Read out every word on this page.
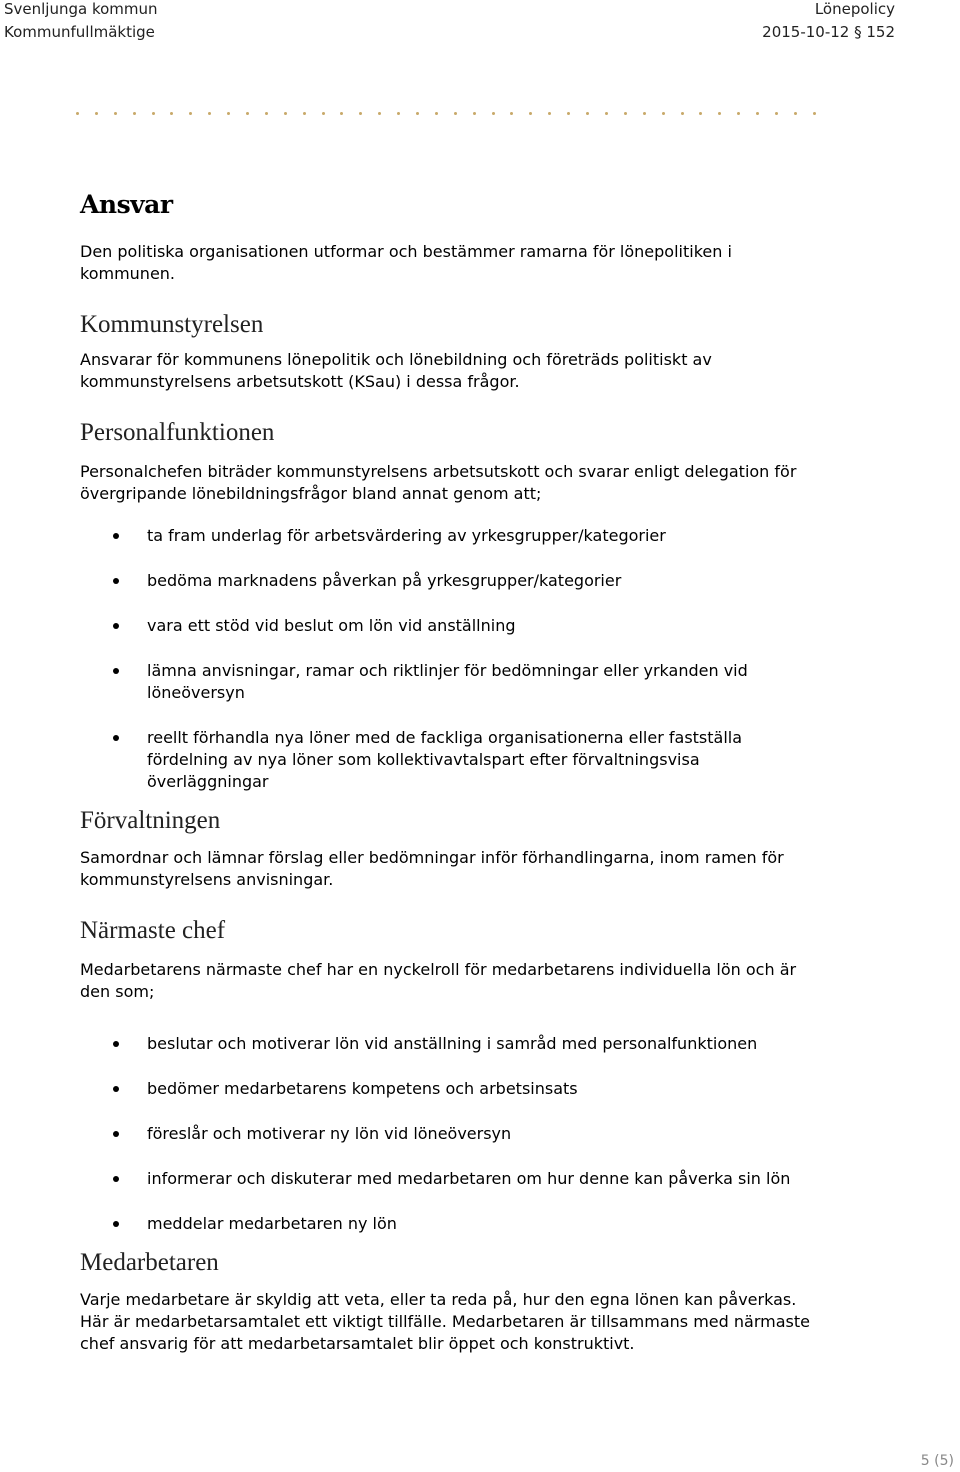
Svenljunga kommun
Kommunfullmäktige
Lönepolicy
2015-10-12 § 152
Ansvar

Den politiska organisationen utformar och bestämmer ramarna för lönepolitiken i kommunen.

Kommunstyrelsen

Ansvarar för kommunens lönepolitik och lönebildning och företräds politiskt av kommunstyrelsens arbetsutskott (KSau) i dessa frågor.

Personalfunktionen

Personalchefen biträder kommunstyrelsens arbetsutskott och svarar enligt delegation för övergripande lönebildningsfrågor bland annat genom att;

ta fram underlag för arbetsvärdering av yrkesgrupper/kategorier
bedöma marknadens påverkan på yrkesgrupper/kategorier
vara ett stöd vid beslut om lön vid anställning
lämna anvisningar, ramar och riktlinjer för bedömningar eller yrkanden vid löneöversyn
reellt förhandla nya löner med de fackliga organisationerna eller fastställa fördelning av nya löner som kollektivavtalspart efter förvaltningsvisa överläggningar
Förvaltningen

Samordnar och lämnar förslag eller bedömningar inför förhandlingarna, inom ramen för kommunstyrelsens anvisningar.

Närmaste chef

Medarbetarens närmaste chef har en nyckelroll för medarbetarens individuella lön och är den som;

beslutar och motiverar lön vid anställning i samråd med personalfunktionen
bedömer medarbetarens kompetens och arbetsinsats
föreslår och motiverar ny lön vid löneöversyn
informerar och diskuterar med medarbetaren om hur denne kan påverka sin lön
meddelar medarbetaren ny lön
Medarbetaren

Varje medarbetare är skyldig att veta, eller ta reda på, hur den egna lönen kan påverkas. Här är medarbetarsamtalet ett viktigt tillfälle. Medarbetaren är tillsammans med närmaste chef ansvarig för att medarbetarsamtalet blir öppet och konstruktivt.

5 (5)
